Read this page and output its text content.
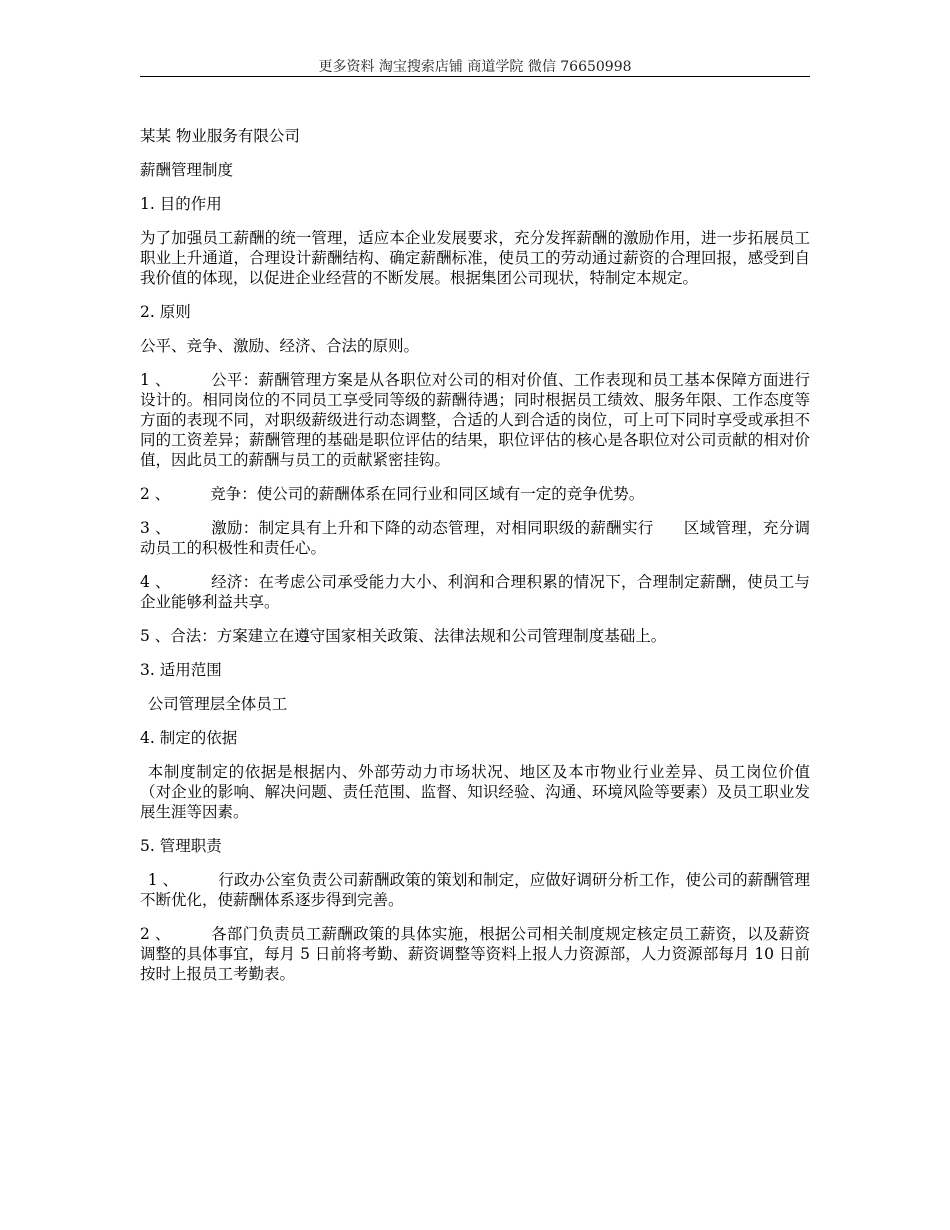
更多资料 淘宝搜索店铺 商道学院 微信 76650998

某某 物业服务有限公司

薪酬管理制度

1. 目的作用

为了加强员工薪酬的统一管理，适应本企业发展要求，充分发挥薪酬的激励作用，进一步拓展员工职业上升通道，合理设计薪酬结构、确定薪酬标准，使员工的劳动通过薪资的合理回报，感受到自我价值的体现，以促进企业经营的不断发展。根据集团公司现状，特制定本规定。

2. 原则

公平、竞争、激励、经济、合法的原则。

1 、	公平：薪酬管理方案是从各职位对公司的相对价值、工作表现和员工基本保障方面进行设计的。相同岗位的不同员工享受同等级的薪酬待遇；同时根据员工绩效、服务年限、工作态度等方面的表现不同，对职级薪级进行动态调整，合适的人到合适的岗位，可上可下同时享受或承担不同的工资差异；薪酬管理的基础是职位评估的结果，职位评估的核心是各职位对公司贡献的相对价值，因此员工的薪酬与员工的贡献紧密挂钩。

2 、	竞争：使公司的薪酬体系在同行业和同区域有一定的竞争优势。

3 、	激励：制定具有上升和下降的动态管理，对相同职级的薪酬实行 区域管理，充分调动员工的积极性和责任心。

4 、	经济：在考虑公司承受能力大小、利润和合理积累的情况下，合理制定薪酬，使员工与企业能够利益共享。

5 、合法：方案建立在遵守国家相关政策、法律法规和公司管理制度基础上。

3. 适用范围

公司管理层全体员工

4. 制定的依据

本制度制定的依据是根据内、外部劳动力市场状况、地区及本市物业行业差异、员工岗位价值（对企业的影响、解决问题、责任范围、监督、知识经验、沟通、环境风险等要素）及员工职业发展生涯等因素。

5. 管理职责

1 、	行政办公室负责公司薪酬政策的策划和制定，应做好调研分析工作，使公司的薪酬管理不断优化，使薪酬体系逐步得到完善。

2 、	各部门负责员工薪酬政策的具体实施，根据公司相关制度规定核定员工薪资，以及薪资调整的具体事宜，每月 5 日前将考勤、薪资调整等资料上报人力资源部，人力资源部每月 10 日前按时上报员工考勤表。
